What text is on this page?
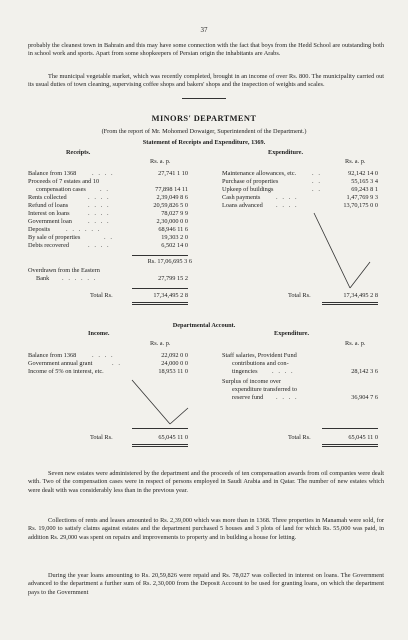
37
probably the cleanest town in Bahrain and this may have some connection with the fact that boys from the Hedd School are outstanding both in school work and sports. Apart from some shopkeepers of Persian origin the inhabitants are Arabs.
The municipal vegetable market, which was recently completed, brought in an income of over Rs. 800. The municipality carried out its usual duties of town cleaning, supervising coffee shops and bakers' shops and the inspection of weights and scales.
MINORS' DEPARTMENT
(From the report of Mr. Mohomed Dowaiger, Superintendent of the Department.)
Statement of Receipts and Expenditure, 1369.
Receipts.	Expenditure.
Rs. a. p.	Rs. a. p.
Balance from 1368 . . . .	27,741 1 10
Proceeds of 7 estates and 10
compensation cases . .	77,898 14 11
Rents collected	. . . .	2,39,049 8 6
Refund of loans	. . . .	20,59,826 5 0
Interest on loans	. . . .	78,027 9 9
Government loan	. . . .	2,30,000 0 0
Deposits	. . . . . .	68,946 11 6
By sale of properties	. .	19,303 2 0
Debts recovered	. . . .	6,502 14 0
Rs. 17,06,695 3 6
Overdrawn from the Eastern
Bank . . . . . .	27,799 15 2
Total Rs.	17,34,495 2 8
Maintenance allowances, etc.	. .	92,142 14 0
Purchase of properties	. .	55,165 3 4
Upkeep of buildings	. .	69,243 8 1
Cash payments . . . .	1,47,769 9 3
Loans advanced . . . .	13,70,175 0 0
Total Rs.	17,34,495 2 8
Departmental Account.
Income.	Expenditure.
Rs. a. p.	Rs. a. p.
Balance from 1368 . . . .	22,092 0 0
Government annual grant	. .	24,000 0 0
Income of 5% on interest, etc.	18,953 11 0
Total Rs.	65,045 11 0
Staff salaries, Provident Fund
contributions and con-
tingencies . . . .	28,142 3 6
Surplus of income over
expenditure transferred to
reserve fund . . . .	36,904 7 6
Total Rs.	65,045 11 0
Seven new estates were administered by the department and the proceeds of ten compensation awards from oil companies were dealt with. Two of the compensation cases were in respect of persons employed in Saudi Arabia and in Qatar. The number of new estates which were dealt with was considerably less than in the previous year.
Collections of rents and leases amounted to Rs. 2,39,000 which was more than in 1368. Three properties in Manamah were sold, for Rs. 19,000 to satisfy claims against estates and the department purchased 5 houses and 3 plots of land for which Rs. 55,000 was paid, in addition Rs. 29,000 was spent on repairs and improvements to property and in building a house for letting.
During the year loans amounting to Rs. 20,59,826 were repaid and Rs. 78,027 was collected in interest on loans. The Government advanced to the department a further sum of Rs. 2,30,000 from the Deposit Account to be used for granting loans, on which the department pays to the Government
